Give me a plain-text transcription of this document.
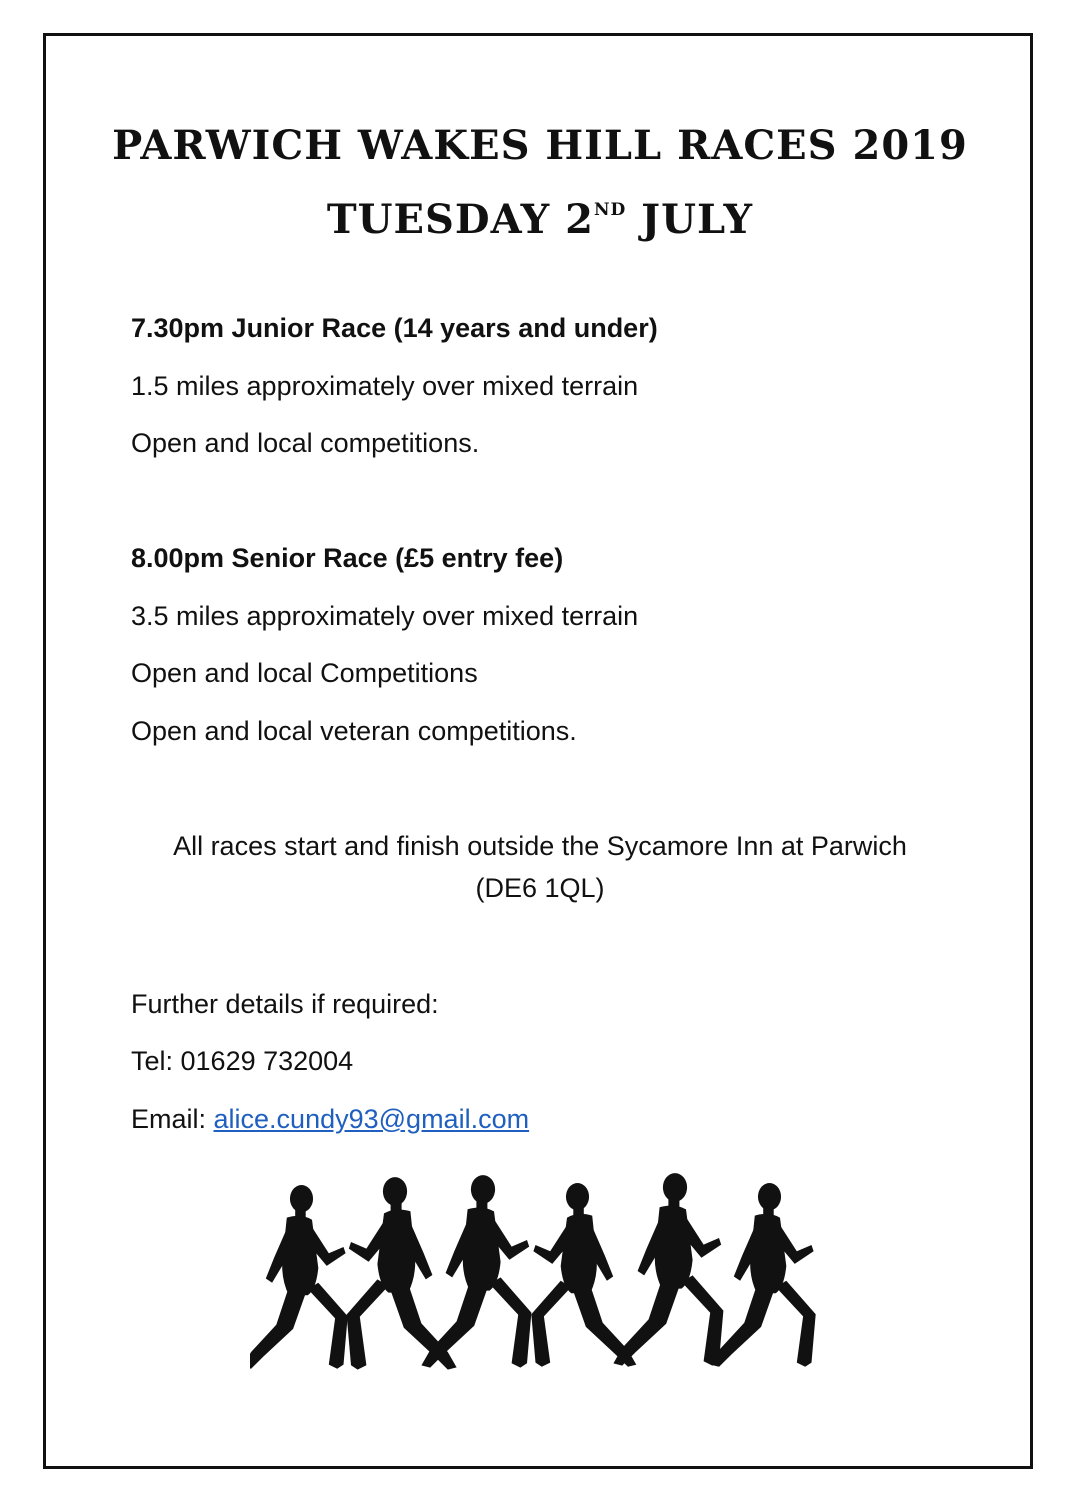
PARWICH WAKES HILL RACES 2019
TUESDAY 2ND JULY

7.30pm Junior Race (14 years and under)

1.5 miles approximately over mixed terrain

Open and local competitions.

8.00pm Senior Race (£5 entry fee)

3.5 miles approximately over mixed terrain

Open and local Competitions

Open and local veteran competitions.

All races start and finish outside the Sycamore Inn at Parwich

(DE6 1QL)

Further details if required:

Tel: 01629 732004

Email: alice.cundy93@gmail.com
